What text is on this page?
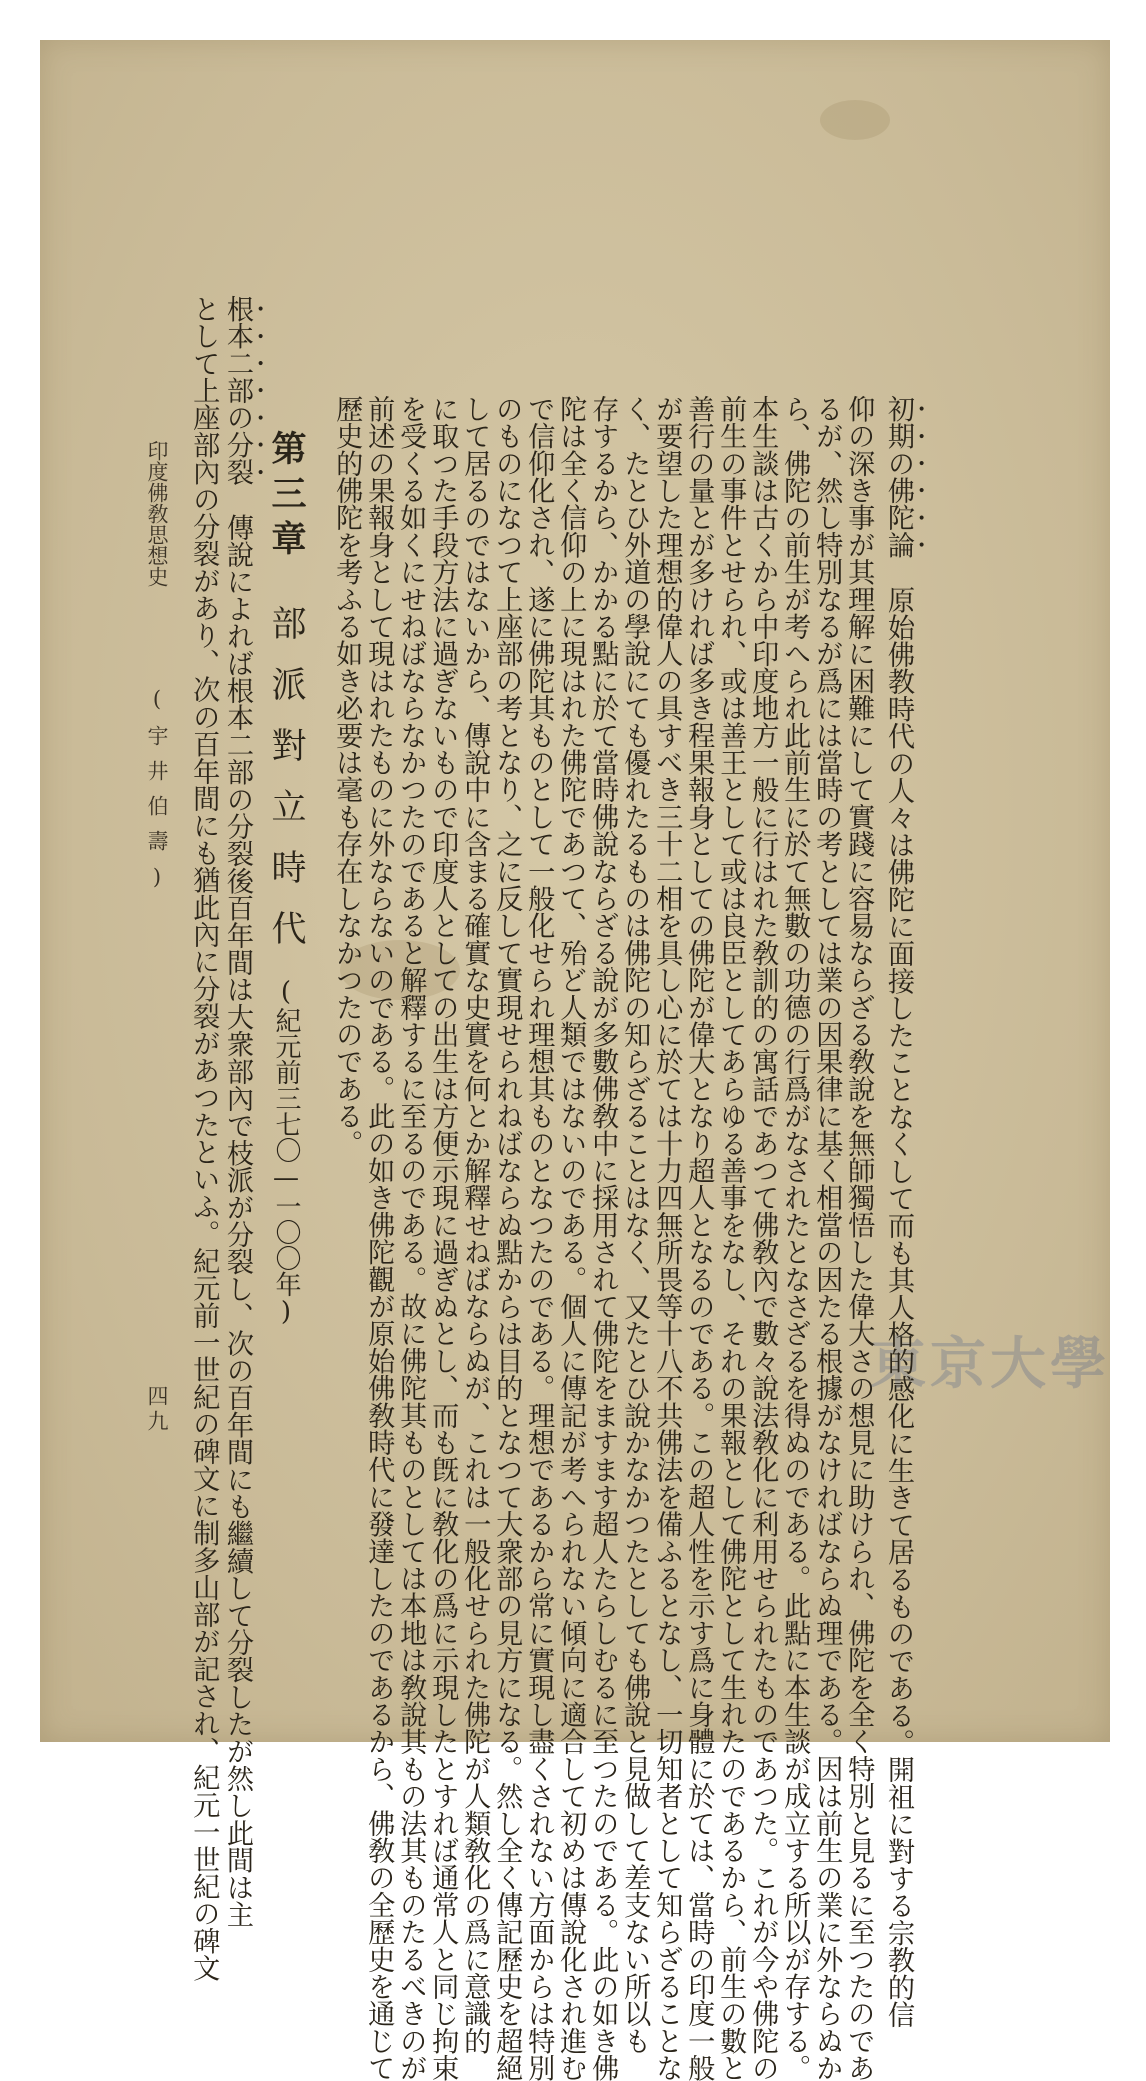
東京大學
初期の佛陀論原始佛教時代の人々は佛陀に面接したことなくして而も其人格的感化に生きて居るものである。開祖に對する宗教的信
仰の深き事が其理解に困難にして實踐に容易ならざる敎說を無師獨悟した偉大さの想見に助けられ、佛陀を全く特別と見るに至つたのであ
るが、然し特別なるが爲には當時の考としては業の因果律に基く相當の因たる根據がなければならぬ理である。因は前生の業に外ならぬか
ら、佛陀の前生が考へられ此前生に於て無數の功德の行爲がなされたとなさざるを得ぬのである。此點に本生談が成立する所以が存する。
本生談は古くから中印度地方一般に行はれた敎訓的の寓話であつて佛敎內で數々說法敎化に利用せられたものであつた。これが今や佛陀の
前生の事件とせられ、或は善王として或は良臣としてあらゆる善事をなし、それの果報として佛陀として生れたのであるから、前生の數と
善行の量とが多ければ多き程果報身としての佛陀が偉大となり超人となるのである。この超人性を示す爲に身體に於ては、當時の印度一般
が要望した理想的偉人の具すべき三十二相を具し心に於ては十力四無所畏等十八不共佛法を備ふるとなし、一切知者として知らざることな
く、たとひ外道の學說にても優れたるものは佛陀の知らざることはなく、又たとひ說かなかつたとしても佛說と見做して差支ない所以も
存するから、かかる點に於て當時佛說ならざる說が多數佛敎中に採用されて佛陀をますます超人たらしむるに至つたのである。此の如き佛
陀は全く信仰の上に現はれた佛陀であつて、殆ど人類ではないのである。個人に傳記が考へられない傾向に適合して初めは傳說化され進む
で信仰化され、遂に佛陀其ものとして一般化せられ理想其ものとなつたのである。理想であるから常に實現し盡くされない方面からは特別
のものになつて上座部の考となり、之に反して實現せられねばならぬ點からは目的となつて大衆部の見方になる。然し全く傳記歷史を超絕
して居るのではないから、傳說中に含まる確實な史實を何とか解釋せねばならぬが、これは一般化せられた佛陀が人類敎化の爲に意識的
に取つた手段方法に過ぎないもので印度人としての出生は方便示現に過ぎぬとし、而も旣に敎化の爲に示現したとすれば通常人と同じ拘束
を受くる如くにせねばならなかつたのであると解釋するに至るのである。故に佛陀其ものとしては本地は敎說其もの法其ものたるべきのが
前述の果報身として現はれたものに外ならないのである。此の如き佛陀觀が原始佛敎時代に發達したのであるから、佛敎の全歷史を通じて
歷史的佛陀を考ふる如き必要は毫も存在しなかつたのである。
第三章部派對立時代(紀元前三七〇—一〇〇年)
根本二部の分裂傳說によれば根本二部の分裂後百年間は大衆部內で枝派が分裂し、次の百年間にも繼續して分裂したが然し此間は主
として上座部內の分裂があり、次の百年間にも猶此內に分裂があつたといふ。紀元前一世紀の碑文に制多山部が記され、紀元一世紀の碑文
印度佛敎思想史(宇井伯壽)
四九
